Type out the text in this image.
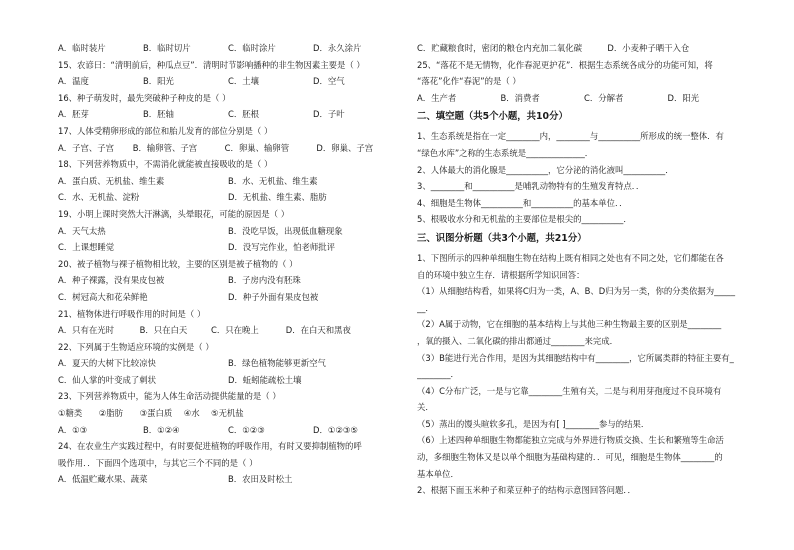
A．临时装片	B．临时切片	C．临时涂片	D．永久涂片
15、农谚曰：“清明前后，种瓜点豆”．清明时节影响播种的非生物因素主要是（ ）
A．温度	B．阳光	C．土壤	D．空气
16、种子萌发时，最先突破种子种皮的是（ ）
A．胚芽	B．胚轴	C．胚根	D．子叶
17、人体受精卵形成的部位和胎儿发育的部位分别是（ ）
A．子宫、子宫	B．输卵管、子宫	C．卵巢、输卵管	D．卵巢、子宫
18、下列营养物质中，不需消化就能被直接吸收的是（ ）
A．蛋白质、无机盐、维生素	B．水、无机盐、维生素
C．水、无机盐、淀粉	D．无机盐、维生素、脂肪
19、小明上课时突然大汗淋漓，头晕眼花，可能的原因是（ ）
A．天气太热	B．没吃早饭，出现低血糖现象
C．上课想睡觉	D．没写完作业，怕老师批评
20、被子植物与裸子植物相比较，主要的区别是被子植物的（ ）
A．种子裸露，没有果皮包被	B．子房内没有胚珠
C．树冠高大和花朵鲜艳	D．种子外面有果皮包被
21、植物体进行呼吸作用的时间是（ ）
A．只有在光时	B．只在白天	C．只在晚上	D．在白天和黑夜
22、下列属于生物适应环境的实例是（ ）
A．夏天的大树下比较凉快	B．绿色植物能够更新空气
C．仙人掌的叶变成了刺状	D．蚯蚓能疏松土壤
23、下列营养物质中，能为人体生命活动提供能量的是（ ）
①糖类	②脂肪	③蛋白质	④水	⑤无机盐
A．①③	B．①②④	C．①②③	D．①②③⑤
24、在农业生产实践过程中，有时要促进植物的呼吸作用，有时又要抑制植物的呼
吸作用．．下面四个选项中，与其它三个不同的是（ ）
A．低温贮藏水果、蔬菜	B．农田及时松土
C．贮藏粮食时，密闭的粮仓内充加二氧化碳	D．小麦种子晒干入仓
25、“落花不是无情物，化作春泥更护花”．根据生态系统各成分的功能可知，将
“落花”化作“春泥”的是（ ）
A．生产者	B．消费者	C．分解者	D．阳光
二、填空题（共5个小题，共10分）
1、生态系统是指在一定________内，________与__________所形成的统一整体．有
“绿色水库”之称的生态系统是______________．
2、人体最大的消化腺是__________，它分泌的消化液叫__________．
3、________和__________是哺乳动物特有的生殖发育特点．．
4、细胞是生物体__________和__________的基本单位．．
5、根吸收水分和无机盐的主要部位是根尖的__________．
三、识图分析题（共3个小题，共21分）
1、下图所示的四种单细胞生物在结构上既有相同之处也有不同之处，它们都能在各
自的环境中独立生存．请根据所学知识回答：
（1）从细胞结构看，如果将C归为一类，A、B、D归为另一类，你的分类依据为_____
__．
（2）A属于动物，它在细胞的基本结构上与其他三种生物最主要的区别是________
，氧的摄入、二氧化碳的排出都通过________来完成．
（3）B能进行光合作用，是因为其细胞结构中有________，它所属类群的特征主要有_
________．
（4）C分布广泛，一是与它靠________生殖有关，二是与利用芽孢度过不良环境有
关．
（5）蒸出的馒头暄软多孔，是因为有[ ]________参与的结果．
（6）上述四种单细胞生物都能独立完成与外界进行物质交换、生长和繁殖等生命活
动，多细胞生物体又是以单个细胞为基础构建的．．可见，细胞是生物体________的
基本单位．
2、根据下面玉米种子和菜豆种子的结构示意图回答问题．．
